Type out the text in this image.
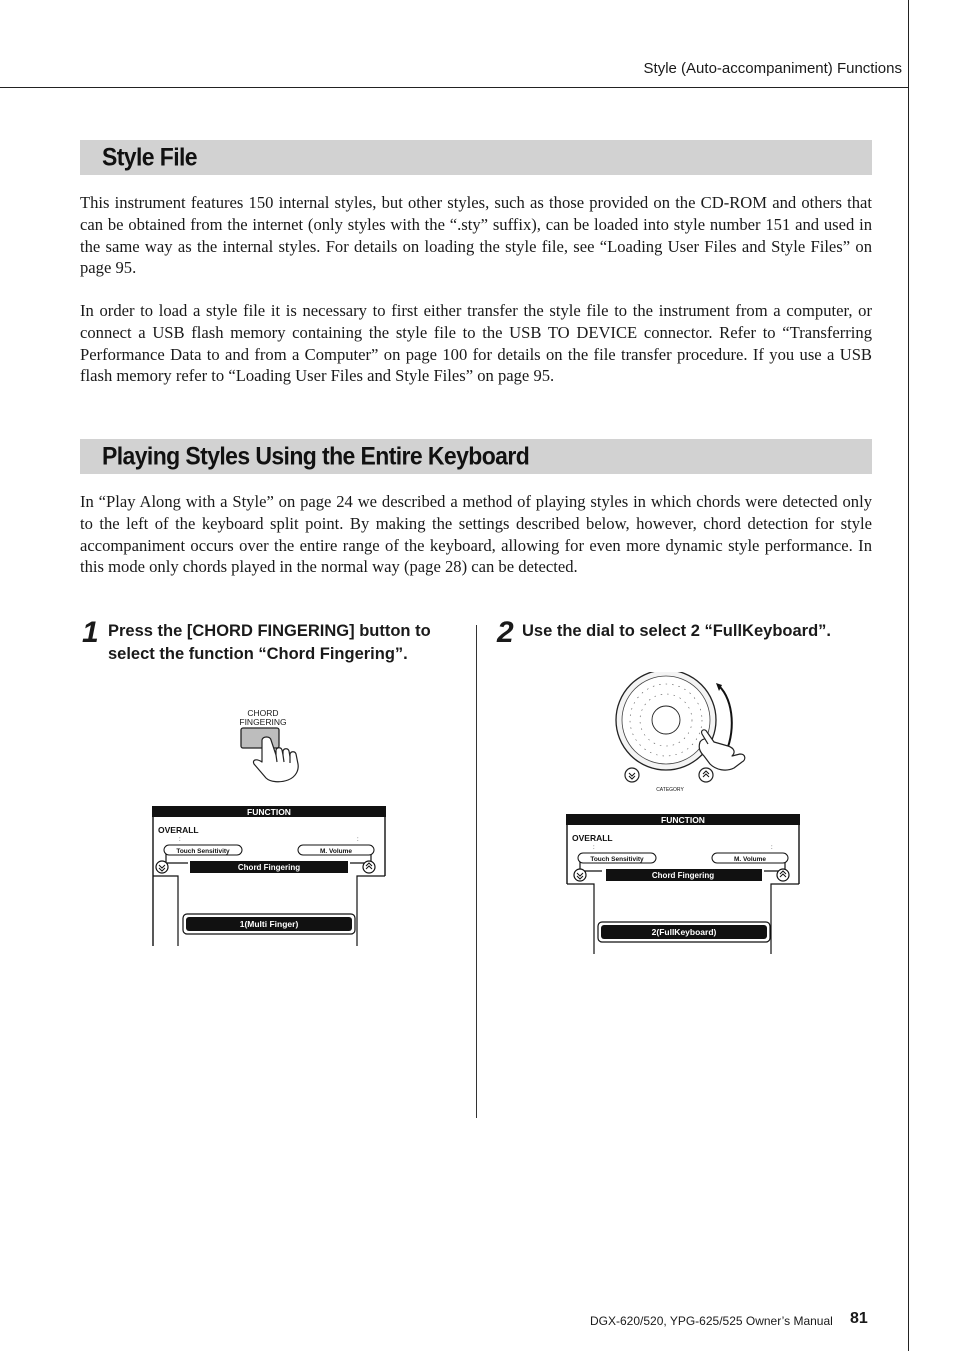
Style (Auto-accompaniment) Functions
Style File
This instrument features 150 internal styles, but other styles, such as those provided on the CD-ROM and others that can be obtained from the internet (only styles with the “.sty” suffix), can be loaded into style number 151 and used in the same way as the internal styles. For details on loading the style file, see “Loading User Files and Style Files” on page 95.
In order to load a style file it is necessary to first either transfer the style file to the instrument from a computer, or connect a USB flash memory containing the style file to the USB TO DEVICE connector. Refer to “Transferring Performance Data to and from a Computer” on page 100 for details on the file transfer procedure. If you use a USB flash memory refer to “Loading User Files and Style Files” on page 95.
Playing Styles Using the Entire Keyboard
In “Play Along with a Style” on page 24 we described a method of playing styles in which chords were detected only to the left of the keyboard split point. By making the settings described below, however, chord detection for style accompaniment occurs over the entire range of the keyboard, allowing for even more dynamic style performance. In this mode only chords played in the normal way (page 28) can be detected.
1 Press the [CHORD FINGERING] button to select the function “Chord Fingering”.
CHORD
FINGERING
FUNCTION
OVERALL
Touch Sensitivity	M. Volume
:	:
Chord Fingering
1(Multi Finger)
2 Use the dial to select 2 “FullKeyboard”.
CATEGORY
FUNCTION
OVERALL
Touch Sensitivity	M. Volume
:	:
Chord Fingering
2(FullKeyboard)
DGX-620/520, YPG-625/525 Owner’s Manual 81
